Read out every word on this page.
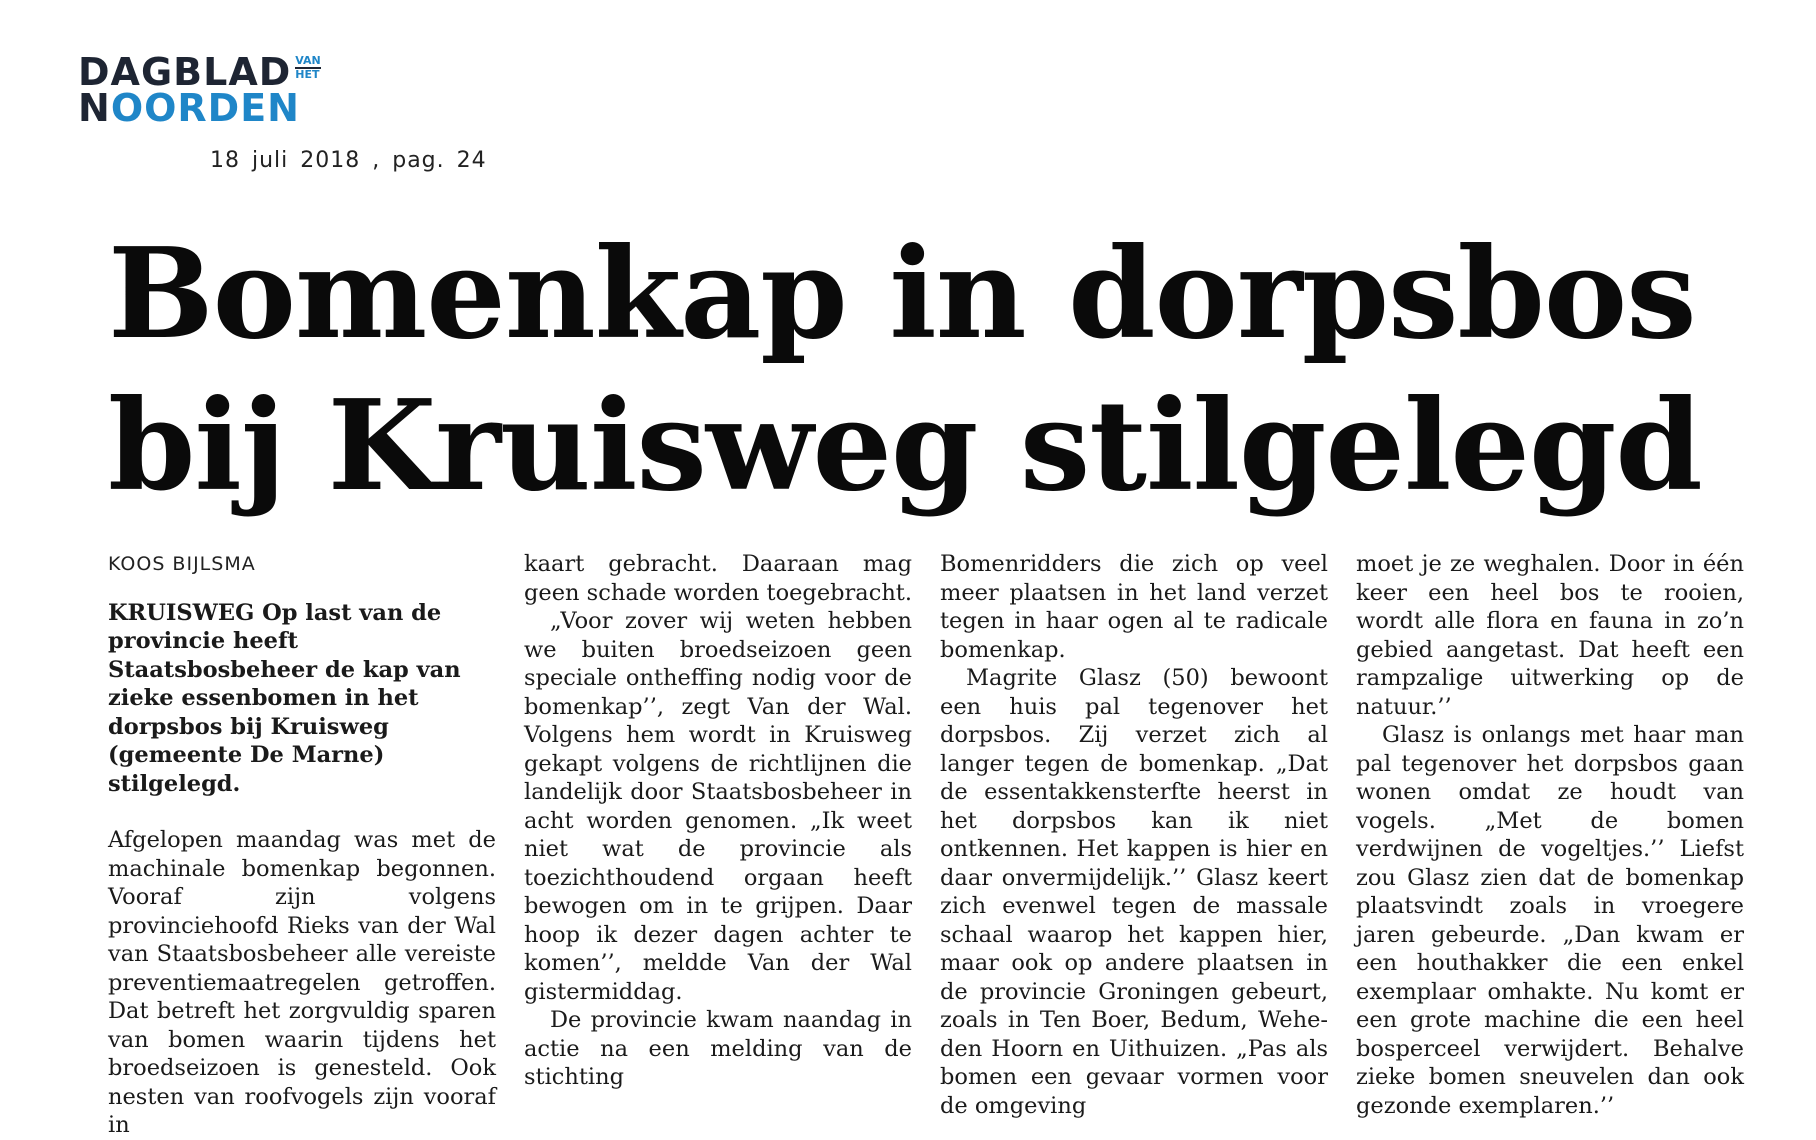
DAGBLAD VAN
HET
NOORDEN
18 juli 2018 , pag. 24
Bomenkap in dorpsbos
bij Kruisweg stilgelegd

KOOS BIJLSMA

KRUISWEG Op last van de provincie heeft Staatsbosbeheer de kap van zieke essenbomen in het dorpsbos bij Kruisweg (gemeente De Marne) stilgelegd.

Afgelopen maandag was met de machinale bomenkap begonnen. Vooraf zijn volgens provinciehoofd Rieks van der Wal van Staatsbosbeheer alle vereiste preventiemaatregelen getroffen. Dat betreft het zorgvuldig sparen van bomen waarin tijdens het broedseizoen is genesteld. Ook nesten van roofvogels zijn vooraf in

kaart gebracht. Daaraan mag geen schade worden toegebracht.

„Voor zover wij weten hebben we buiten broedseizoen geen speciale ontheffing nodig voor de bomenkap’’, zegt Van der Wal. Volgens hem wordt in Kruisweg gekapt volgens de richtlijnen die landelijk door Staatsbosbeheer in acht worden genomen. „Ik weet niet wat de provincie als toezichthoudend orgaan heeft bewogen om in te grijpen. Daar hoop ik dezer dagen achter te komen’’, meldde Van der Wal gistermiddag.

De provincie kwam naandag in actie na een melding van de stichting

Bomenridders die zich op veel meer plaatsen in het land verzet tegen in haar ogen al te radicale bomenkap.

Magrite Glasz (50) bewoont een huis pal tegenover het dorpsbos. Zij verzet zich al langer tegen de bomenkap. „Dat de essentakkensterfte heerst in het dorpsbos kan ik niet ontkennen. Het kappen is hier en daar onvermijdelijk.’’ Glasz keert zich evenwel tegen de massale schaal waarop het kappen hier, maar ook op andere plaatsen in de provincie Groningen gebeurt, zoals in Ten Boer, Bedum, Wehe-den Hoorn en Uithuizen. „Pas als bomen een gevaar vormen voor de omgeving

moet je ze weghalen. Door in één keer een heel bos te rooien, wordt alle flora en fauna in zo’n gebied aangetast. Dat heeft een rampzalige uitwerking op de natuur.’’

Glasz is onlangs met haar man pal tegenover het dorpsbos gaan wonen omdat ze houdt van vogels. „Met de bomen verdwijnen de vogeltjes.’’ Liefst zou Glasz zien dat de bomenkap plaatsvindt zoals in vroegere jaren gebeurde. „Dan kwam er een houthakker die een enkel exemplaar omhakte. Nu komt er een grote machine die een heel bosperceel verwijdert. Behalve zieke bomen sneuvelen dan ook gezonde exemplaren.’’
